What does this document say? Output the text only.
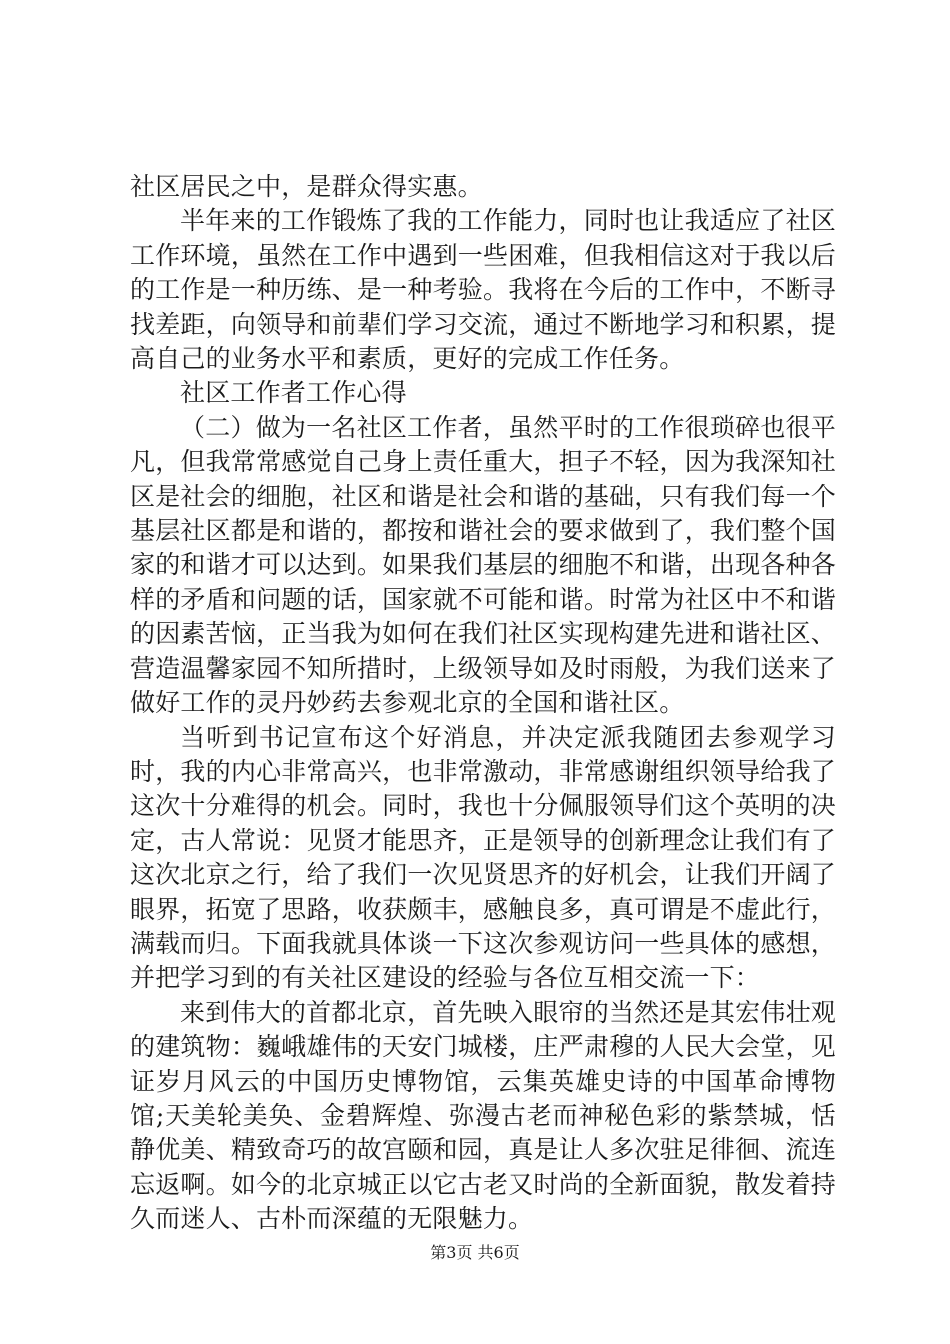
社区居民之中，是群众得实惠。

半年来的工作锻炼了我的工作能力，同时也让我适应了社区工作环境，虽然在工作中遇到一些困难，但我相信这对于我以后的工作是一种历练、是一种考验。我将在今后的工作中，不断寻找差距，向领导和前辈们学习交流，通过不断地学习和积累，提高自己的业务水平和素质，更好的完成工作任务。

社区工作者工作心得

（二）做为一名社区工作者，虽然平时的工作很琐碎也很平凡，但我常常感觉自己身上责任重大，担子不轻，因为我深知社区是社会的细胞，社区和谐是社会和谐的基础，只有我们每一个基层社区都是和谐的，都按和谐社会的要求做到了，我们整个国家的和谐才可以达到。如果我们基层的细胞不和谐，出现各种各样的矛盾和问题的话，国家就不可能和谐。时常为社区中不和谐的因素苦恼，正当我为如何在我们社区实现构建先进和谐社区、营造温馨家园不知所措时，上级领导如及时雨般，为我们送来了做好工作的灵丹妙药去参观北京的全国和谐社区。

当听到书记宣布这个好消息，并决定派我随团去参观学习时，我的内心非常高兴，也非常激动，非常感谢组织领导给我了这次十分难得的机会。同时，我也十分佩服领导们这个英明的决定，古人常说：见贤才能思齐，正是领导的创新理念让我们有了这次北京之行，给了我们一次见贤思齐的好机会，让我们开阔了眼界，拓宽了思路，收获颇丰，感触良多，真可谓是不虚此行，满载而归。下面我就具体谈一下这次参观访问一些具体的感想，并把学习到的有关社区建设的经验与各位互相交流一下：

来到伟大的首都北京，首先映入眼帘的当然还是其宏伟壮观的建筑物：巍峨雄伟的天安门城楼，庄严肃穆的人民大会堂，见证岁月风云的中国历史博物馆，云集英雄史诗的中国革命博物馆;天美轮美奂、金碧辉煌、弥漫古老而神秘色彩的紫禁城，恬静优美、精致奇巧的故宫颐和园，真是让人多次驻足徘徊、流连忘返啊。如今的北京城正以它古老又时尚的全新面貌，散发着持久而迷人、古朴而深蕴的无限魅力。

第3页 共6页
